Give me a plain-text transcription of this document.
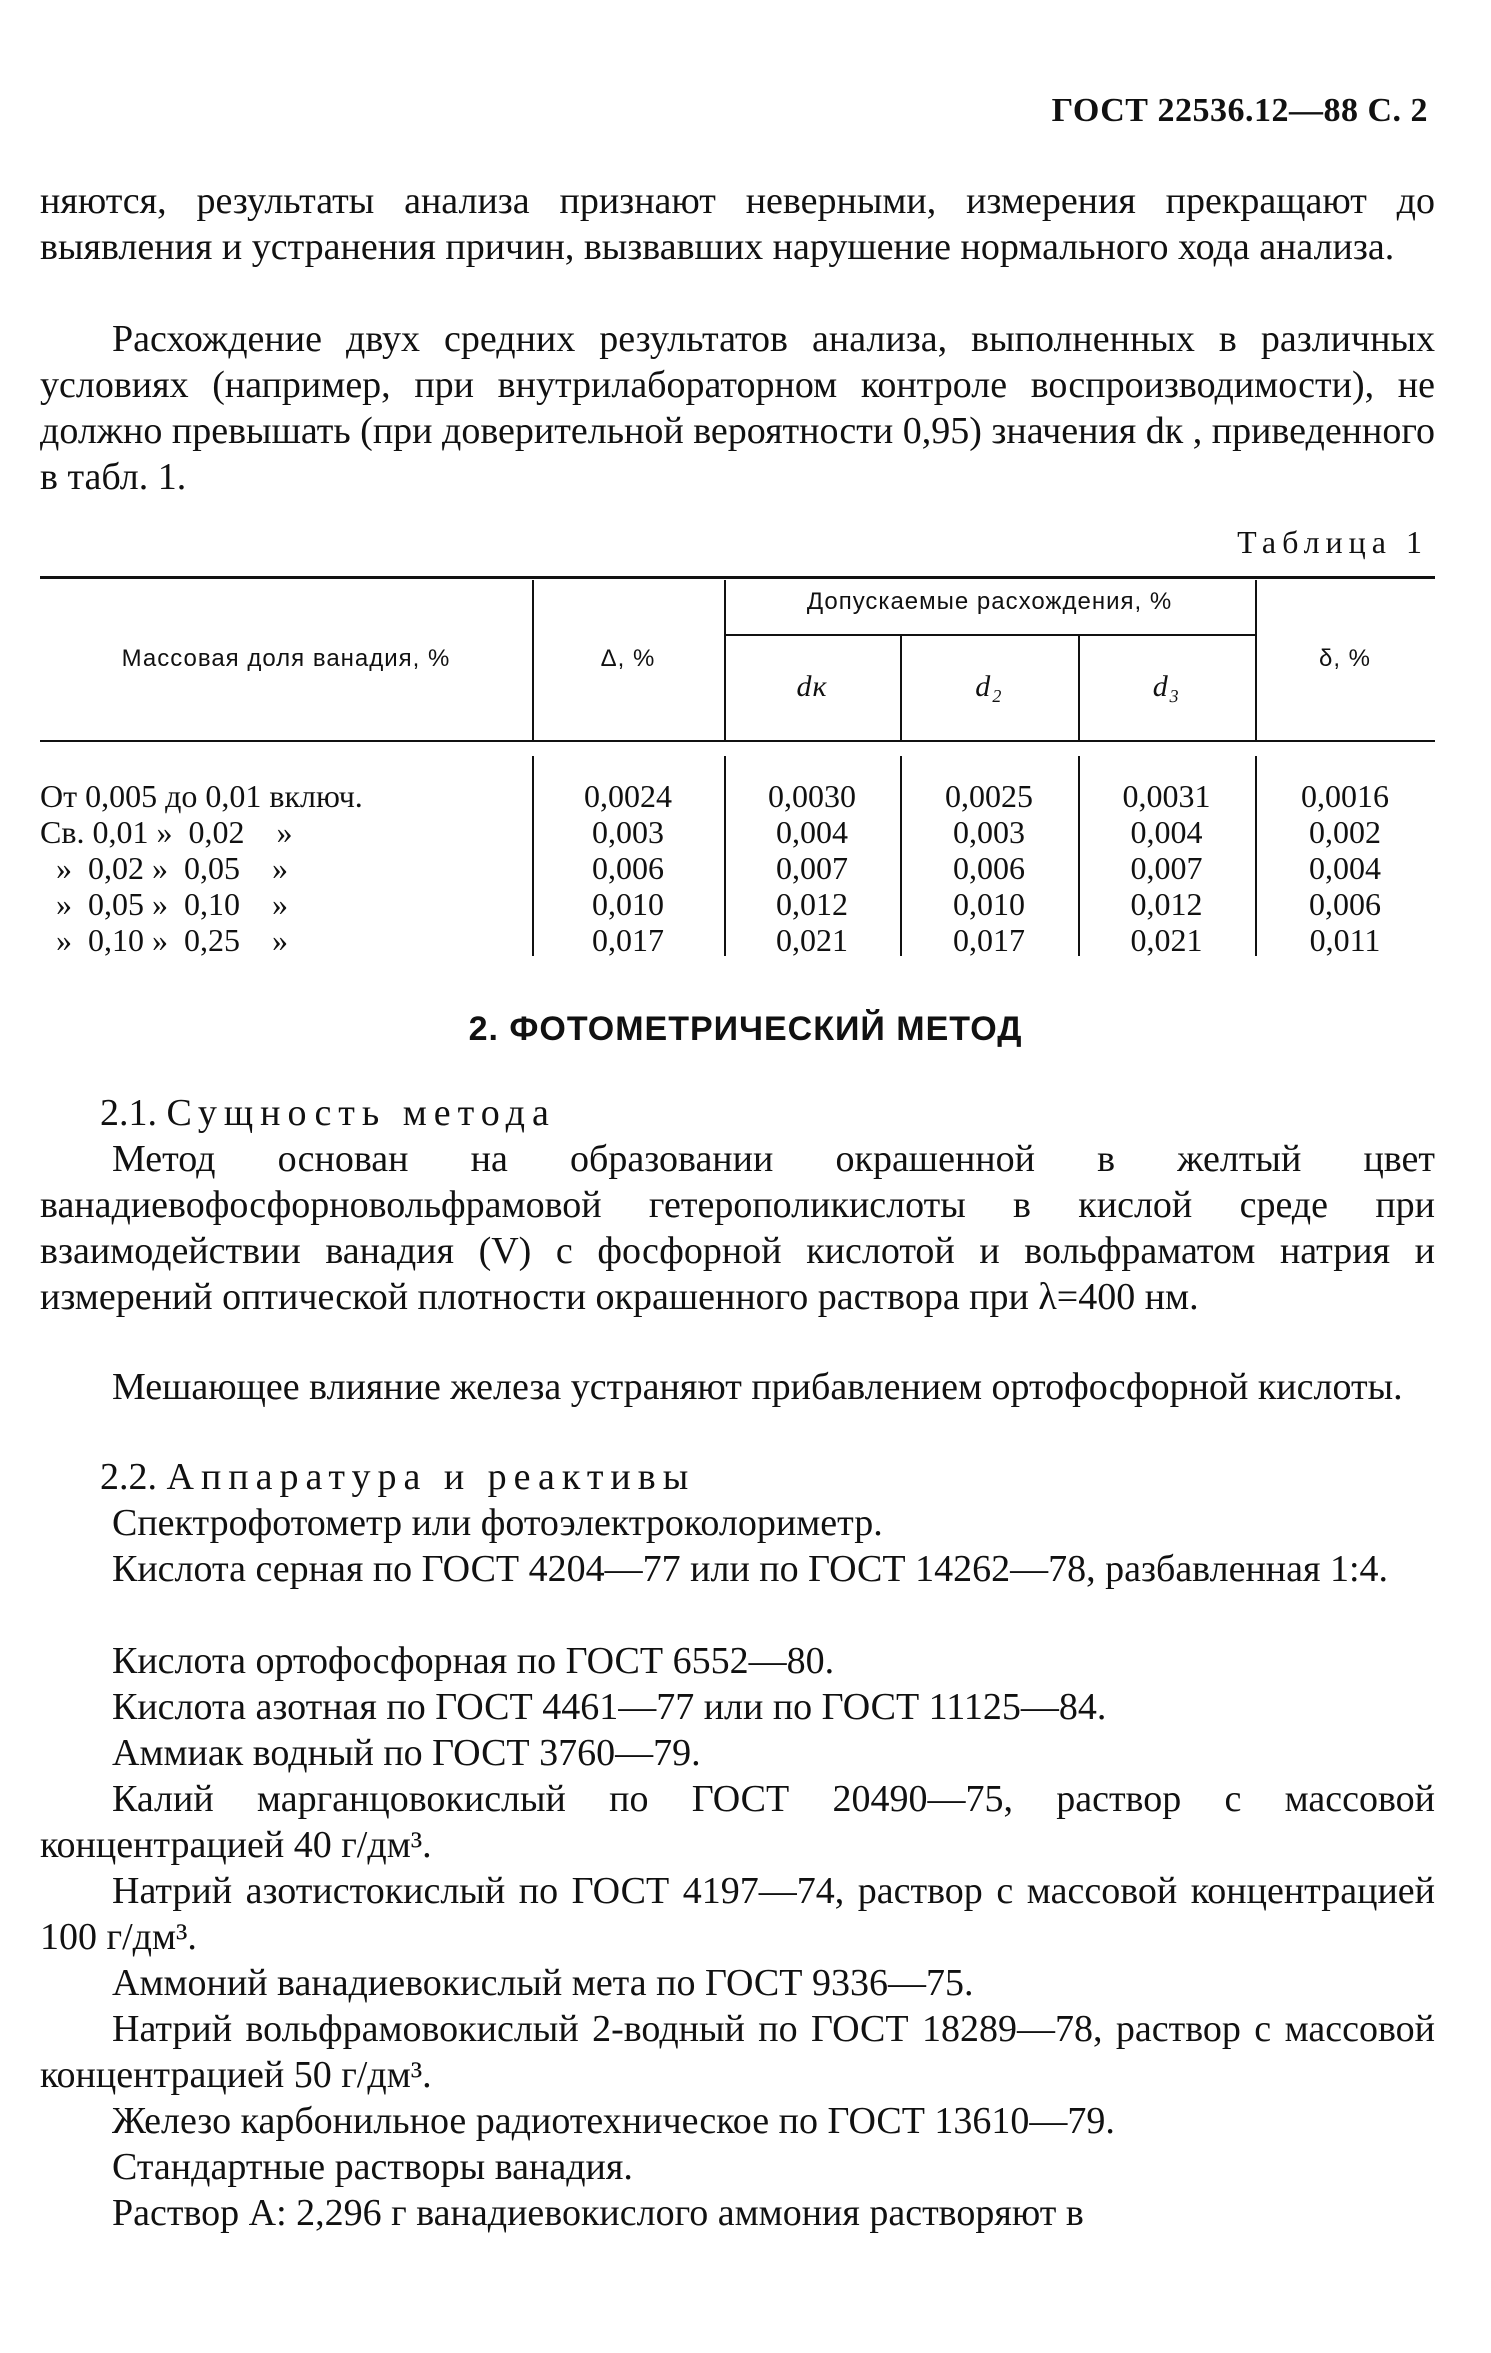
ГОСТ 22536.12—88 С. 2

няются, результаты анализа признают неверными, измерения прекращают до выявления и устранения причин, вызвавших нарушение нормального хода анализа.

Расхождение двух средних результатов анализа, выполненных в различных условиях (например, при внутрилабораторном контроле воспроизводимости), не должно превышать (при доверительной вероятности 0,95) значения dк , приведенного в табл. 1.

Таблица 1
Массовая доля ванадия, %	Δ, %
Допускаемые расхождения, %
dк	d₂	d₃
δ, %
От 0,005 до 0,01 включ.	0,0024	0,0030	0,0025	0,0031	0,0016
Св. 0,01 »  0,02    »	0,003	0,004	0,003	0,004	0,002
»  0,02 »  0,05    »	0,006	0,007	0,006	0,007	0,004
»  0,05 »  0,10    »	0,010	0,012	0,010	0,012	0,006
»  0,10 »  0,25    »	0,017	0,021	0,017	0,021	0,011
2. ФОТОМЕТРИЧЕСКИЙ МЕТОД
2.1. Сущность метода

Метод основан на образовании окрашенной в желтый цвет ванадиевофосфорновольфрамовой гетерополикислоты в кислой среде при взаимодействии ванадия (V) с фосфорной кислотой и вольфраматом натрия и измерений оптической плотности окрашенного раствора при λ=400 нм.

Мешающее влияние железа устраняют прибавлением ортофосфорной кислоты.

2.2. Аппаратура и реактивы

Спектрофотометр или фотоэлектроколориметр.

Кислота серная по ГОСТ 4204—77 или по ГОСТ 14262—78, разбавленная 1:4.

Кислота ортофосфорная по ГОСТ 6552—80.

Кислота азотная по ГОСТ 4461—77 или по ГОСТ 11125—84.

Аммиак водный по ГОСТ 3760—79.

Калий марганцовокислый по ГОСТ 20490—75, раствор с массовой концентрацией 40 г/дм³.

Натрий азотистокислый по ГОСТ 4197—74, раствор с массовой концентрацией 100 г/дм³.

Аммоний ванадиевокислый мета по ГОСТ 9336—75.

Натрий вольфрамовокислый 2-водный по ГОСТ 18289—78, раствор с массовой концентрацией 50 г/дм³.

Железо карбонильное радиотехническое по ГОСТ 13610—79.

Стандартные растворы ванадия.

Раствор А: 2,296 г ванадиевокислого аммония растворяют в
